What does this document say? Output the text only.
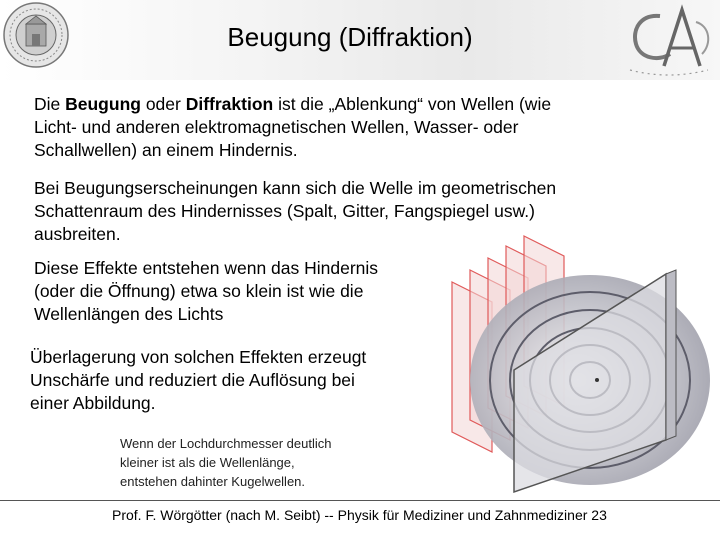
Beugung (Diffraktion)
Die Beugung oder Diffraktion ist die „Ablenkung“ von Wellen (wie
Licht- und anderen elektromagnetischen Wellen, Wasser- oder
Schallwellen) an einem Hindernis.
Bei Beugungserscheinungen kann sich die Welle im geometrischen
Schattenraum des Hindernisses (Spalt, Gitter, Fangspiegel usw.)
ausbreiten.
Diese Effekte entstehen wenn das Hindernis
(oder die Öffnung) etwa so klein ist wie die
Wellenlängen des Lichts
Überlagerung von solchen Effekten erzeugt
Unschärfe und reduziert die Auflösung bei
einer Abbildung.
Wenn der Lochdurchmesser deutlich
kleiner ist als die Wellenlänge,
entstehen dahinter Kugelwellen.
Prof. F. Wörgötter (nach M. Seibt) -- Physik für Mediziner und Zahnmediziner 23
